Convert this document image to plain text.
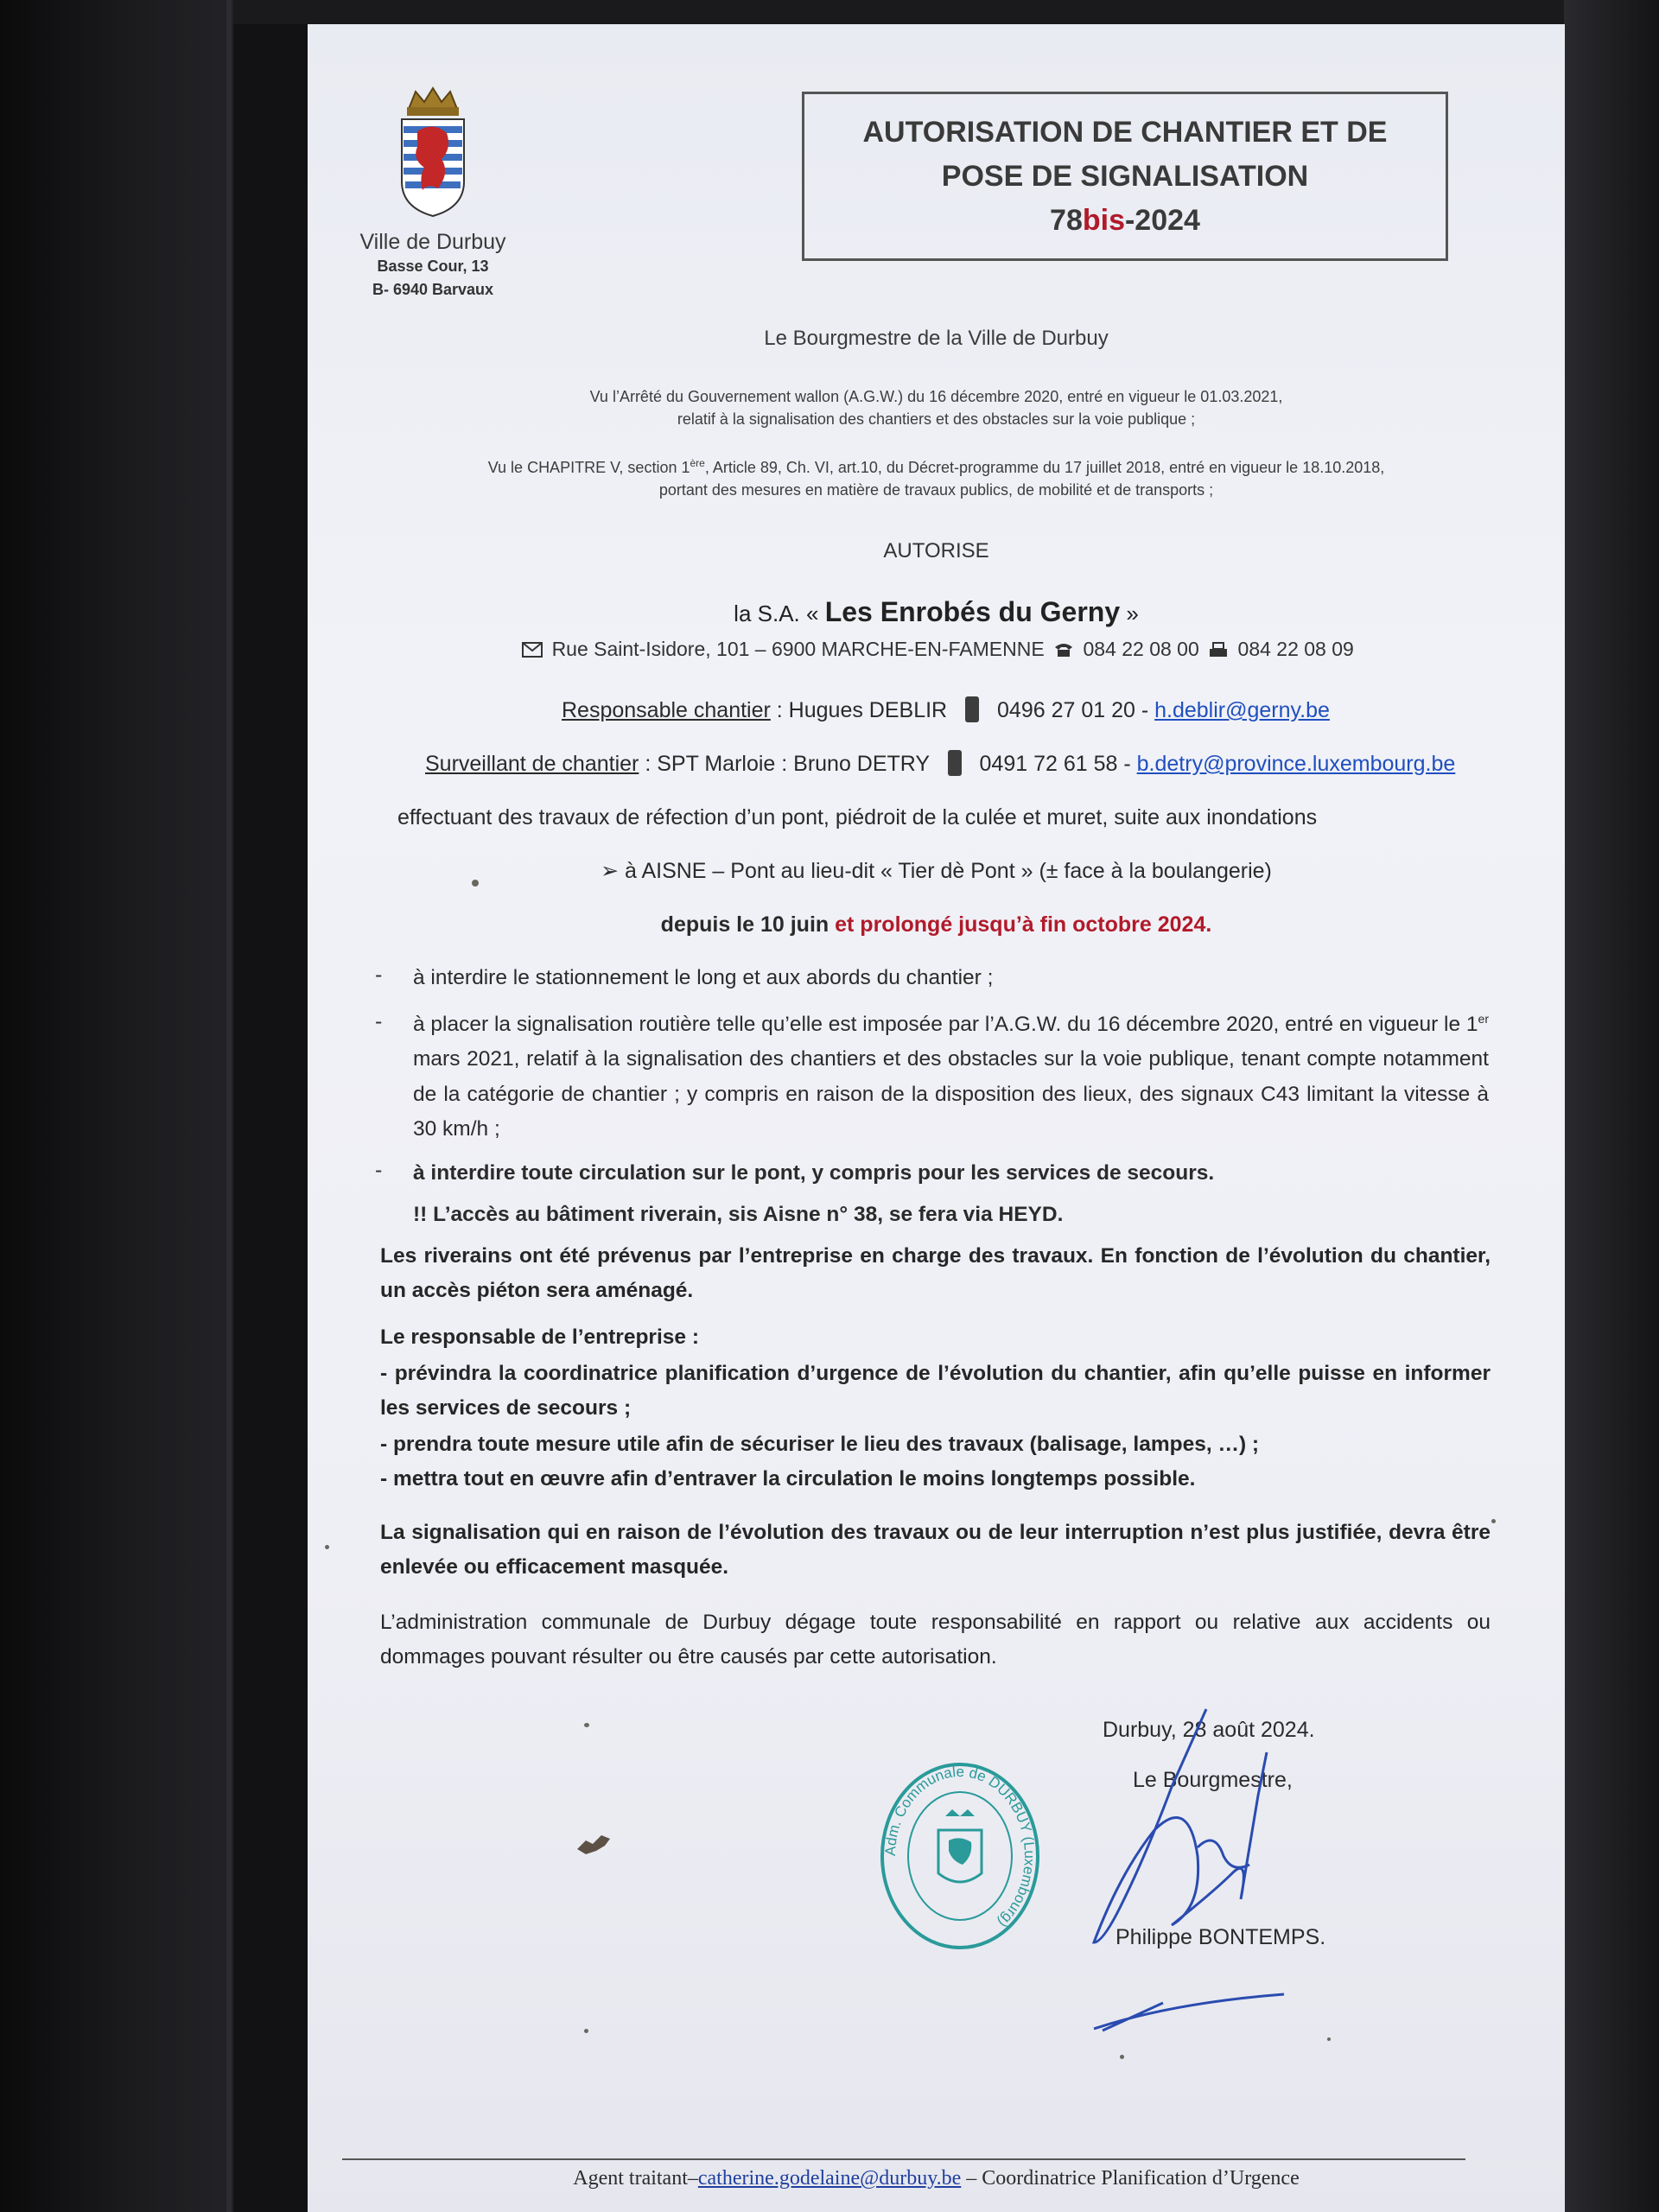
Ville de Durbuy
Basse Cour, 13
B- 6940 Barvaux
AUTORISATION DE CHANTIER ET DE
POSE DE SIGNALISATION
78bis-2024
Le Bourgmestre de la Ville de Durbuy
Vu l’Arrêté du Gouvernement wallon (A.G.W.) du 16 décembre 2020, entré en vigueur le 01.03.2021,
relatif à la signalisation des chantiers et des obstacles sur la voie publique ;
Vu le CHAPITRE V, section 1ère, Article 89, Ch. VI, art.10, du Décret-programme du 17 juillet 2018, entré en vigueur le 18.10.2018,
portant des mesures en matière de travaux publics, de mobilité et de transports ;
AUTORISE
la S.A. « Les Enrobés du Gerny »
Rue Saint-Isidore, 101 – 6900 MARCHE-EN-FAMENNE 084 22 08 00 084 22 08 09
Responsable chantier : Hugues DEBLIR 0496 27 01 20 - h.deblir@gerny.be
Surveillant de chantier : SPT Marloie : Bruno DETRY 0491 72 61 58 - b.detry@province.luxembourg.be
effectuant des travaux de réfection d’un pont, piédroit de la culée et muret, suite aux inondations
➢ à AISNE – Pont au lieu-dit « Tier dè Pont » (± face à la boulangerie)
depuis le 10 juin et prolongé jusqu’à fin octobre 2024.
- à interdire le stationnement le long et aux abords du chantier ;
- à placer la signalisation routière telle qu’elle est imposée par l’A.G.W. du 16 décembre 2020, entré en vigueur le 1er mars 2021, relatif à la signalisation des chantiers et des obstacles sur la voie publique, tenant compte notamment de la catégorie de chantier ; y compris en raison de la disposition des lieux, des signaux C43 limitant la vitesse à 30 km/h ;
- à interdire toute circulation sur le pont, y compris pour les services de secours.
!! L’accès au bâtiment riverain, sis Aisne n° 38, se fera via HEYD.
Les riverains ont été prévenus par l’entreprise en charge des travaux. En fonction de l’évolution du chantier, un accès piéton sera aménagé.
Le responsable de l’entreprise :
- prévindra la coordinatrice planification d’urgence de l’évolution du chantier, afin qu’elle puisse en informer les services de secours ;
- prendra toute mesure utile afin de sécuriser le lieu des travaux (balisage, lampes, …) ;
- mettra tout en œuvre afin d’entraver la circulation le moins longtemps possible.
La signalisation qui en raison de l’évolution des travaux ou de leur interruption n’est plus justifiée, devra être enlevée ou efficacement masquée.
L’administration communale de Durbuy dégage toute responsabilité en rapport ou relative aux accidents ou dommages pouvant résulter ou être causés par cette autorisation.
Adm. Communale de DURBUY (Luxembourg)
Durbuy, 28 août 2024.
Le Bourgmestre,
Philippe BONTEMPS.
Agent traitant–catherine.godelaine@durbuy.be – Coordinatrice Planification d’Urgence
